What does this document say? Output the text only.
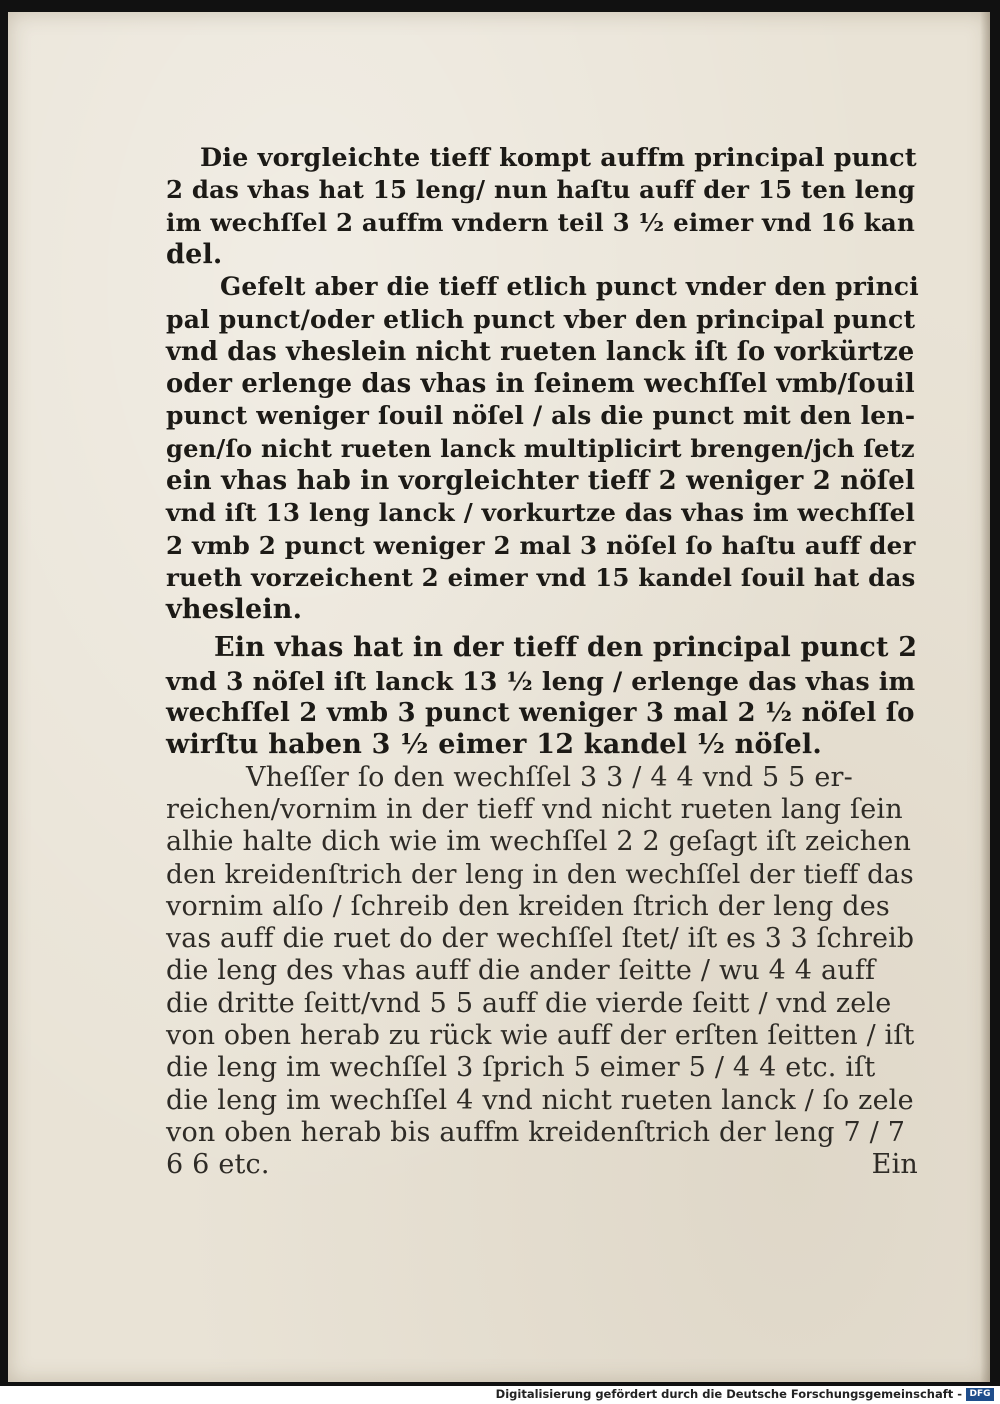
Die vorgleichte tieff kompt auffm principal punct
2 das vhas hat 15 leng/ nun haſtu auff der 15 ten leng
im wechſſel 2 auffm vndern teil 3 ½ eimer vnd 16 kan
del.

Gefelt aber die tieff etlich punct vnder den princi
pal punct/oder etlich punct vber den principal punct
vnd das vheslein nicht rueten lanck iſt ſo vorkürtze
oder erlenge das vhas in ſeinem wechſſel vmb/ſouil
punct weniger ſouil nöſel / als die punct mit den len-
gen/ſo nicht rueten lanck multiplicirt brengen/jch ſetz
ein vhas hab in vorgleichter tieff 2 weniger 2 nöſel
vnd iſt 13 leng lanck / vorkurtze das vhas im wechſſel
2 vmb 2 punct weniger 2 mal 3 nöſel ſo haſtu auff der
rueth vorzeichent 2 eimer vnd 15 kandel ſouil hat das
vheslein.

Ein vhas hat in der tieff den principal punct 2
vnd 3 nöſel iſt lanck 13 ½ leng / erlenge das vhas im
wechſſel 2 vmb 3 punct weniger 3 mal 2 ½ nöſel ſo
wirſtu haben 3 ½ eimer 12 kandel ½ nöſel.

Vheſſer ſo den wechſſel 3 3 / 4 4 vnd 5 5 er-
reichen/vornim in der tieff vnd nicht rueten lang ſein
alhie halte dich wie im wechſſel 2 2 geſagt iſt zeichen
den kreidenſtrich der leng in den wechſſel der tieff das
vornim alſo / ſchreib den kreiden ſtrich der leng des
vas auff die ruet do der wechſſel ſtet/ iſt es 3 3 ſchreib
die leng des vhas auff die ander ſeitte / wu 4 4 auff
die dritte ſeitt/vnd 5 5 auff die vierde ſeitt / vnd zele
von oben herab zu rück wie auff der erſten ſeitten / iſt
die leng im wechſſel 3 ſprich 5 eimer 5 / 4 4 etc. iſt
die leng im wechſſel 4 vnd nicht rueten lanck / ſo zele
von oben herab bis auffm kreidenſtrich der leng 7 / 7
6 6 etc.	Ein

Digitalisierung gefördert durch die Deutsche Forschungsgemeinschaft - DFG
